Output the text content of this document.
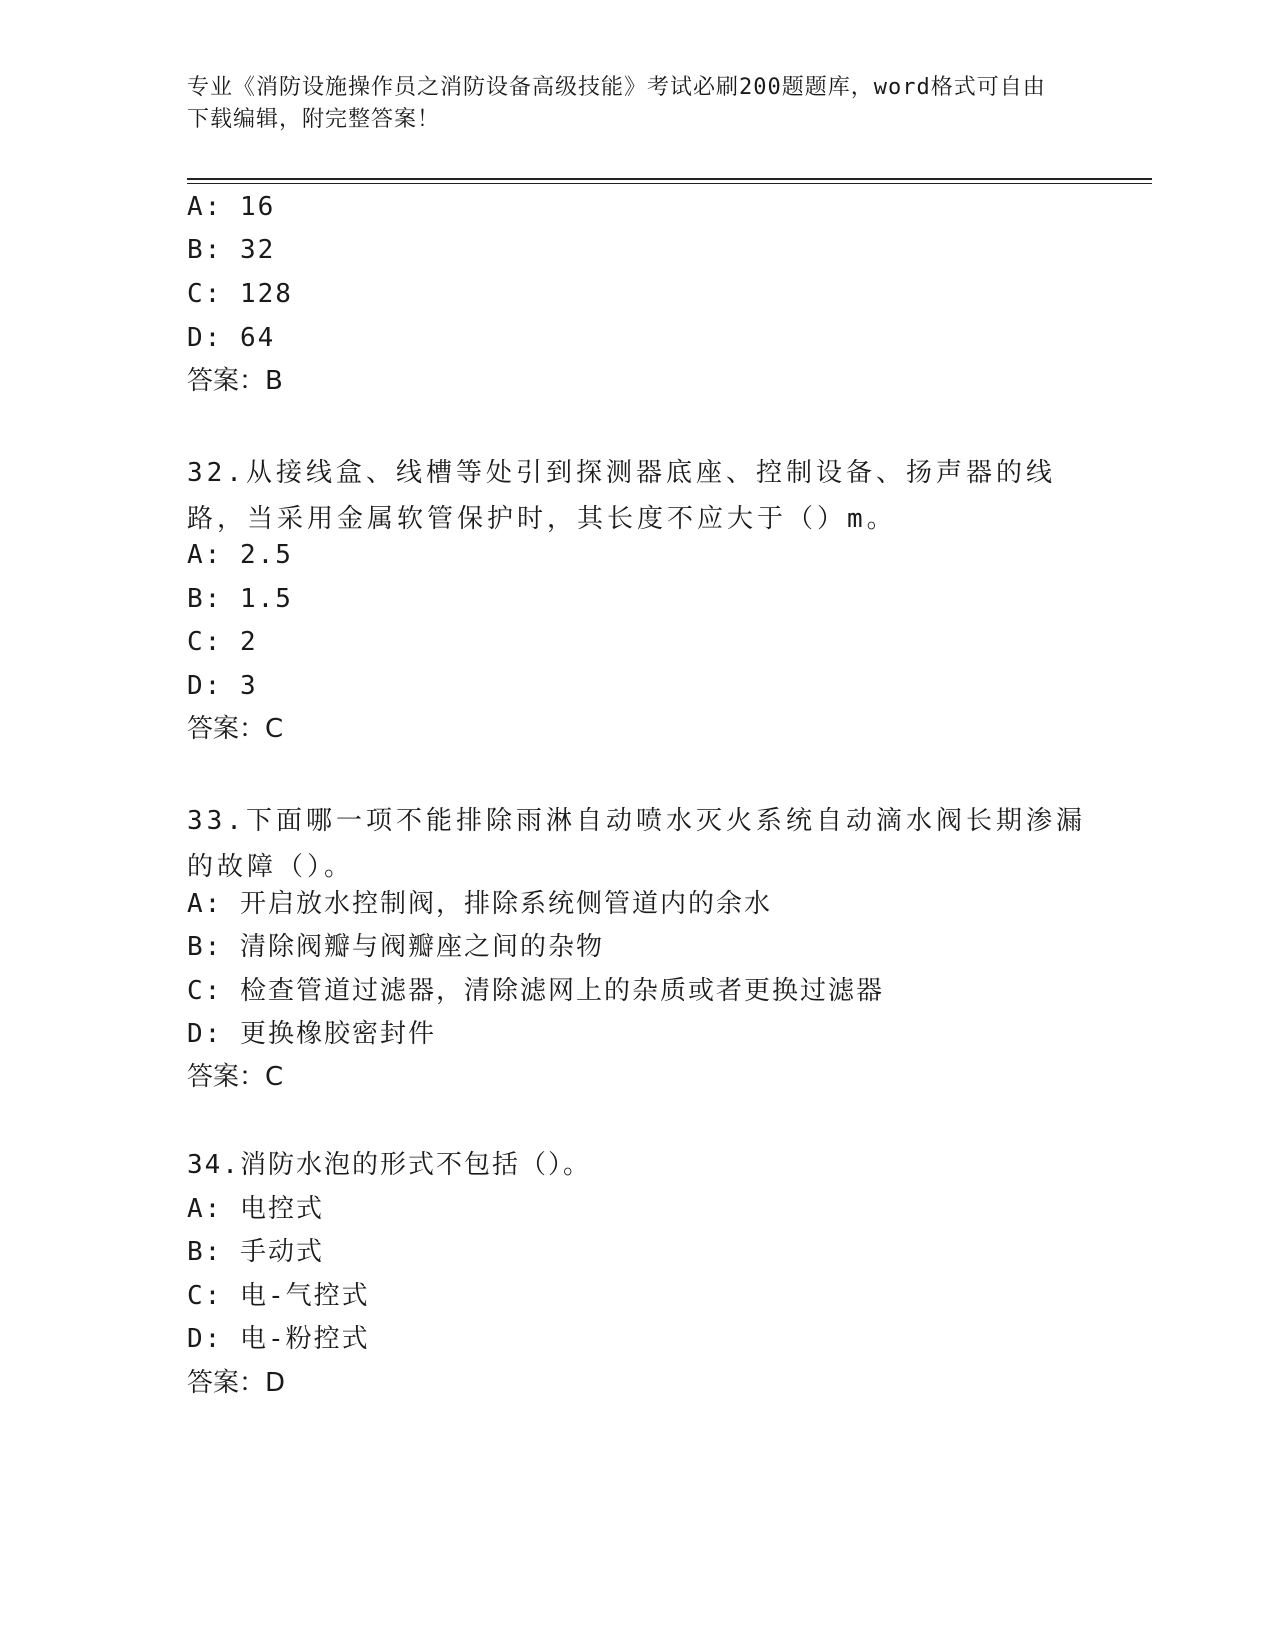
专业《消防设施操作员之消防设备高级技能》考试必刷200题题库，word格式可自由下载编辑，附完整答案！
A: 16
B: 32
C: 128
D: 64
答案：B
32.从接线盒、线槽等处引到探测器底座、控制设备、扬声器的线路，当采用金属软管保护时，其长度不应大于（）m。
A: 2.5
B: 1.5
C: 2
D: 3
答案：C
33.下面哪一项不能排除雨淋自动喷水灭火系统自动滴水阀长期渗漏的故障（）。
A: 开启放水控制阀，排除系统侧管道内的余水
B: 清除阀瓣与阀瓣座之间的杂物
C: 检查管道过滤器，清除滤网上的杂质或者更换过滤器
D: 更换橡胶密封件
答案：C
34.消防水泡的形式不包括（）。
A: 电控式
B: 手动式
C: 电-气控式
D: 电-粉控式
答案：D
